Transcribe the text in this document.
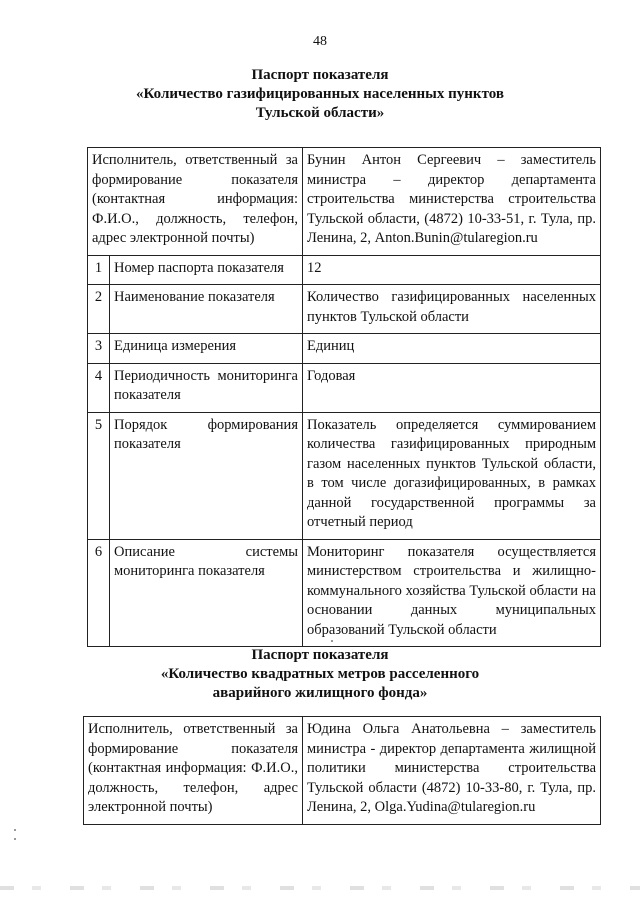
48
Паспорт показателя
«Количество газифицированных населенных пунктов
Тульской области»
Исполнитель, ответственный за формирование показателя (контактная информация: Ф.И.О., должность, телефон, адрес электронной почты)		Бунин Антон Сергеевич – заместитель министра – директор департамента строительства министерства строительства Тульской области, (4872) 10-33-51, г. Тула, пр. Ленина, 2, Anton.Bunin@tularegion.ru
1	Номер паспорта показателя	12
2	Наименование показателя	Количество газифицированных населенных пунктов Тульской области
3	Единица измерения	Единиц
4	Периодичность мониторинга показателя	Годовая
5	Порядок формирования показателя	Показатель определяется суммированием количества газифицированных природным газом населенных пунктов Тульской области, в том числе догазифицированных, в рамках данной государственной программы за отчетный период
6	Описание системы мониторинга показателя	Мониторинг показателя осуществляется министерством строительства и жилищно-коммунального хозяйства Тульской области на основании данных муниципальных образований Тульской области
Паспорт показателя
«Количество квадратных метров расселенного
аварийного жилищного фонда»
Исполнитель, ответственный за формирование показателя (контактная информация: Ф.И.О., должность, телефон, адрес электронной почты)	Юдина Ольга Анатольевна – заместитель министра - директор департамента жилищной политики министерства строительства Тульской области (4872) 10-33-80, г. Тула, пр. Ленина, 2, Olga.Yudina@tularegion.ru
